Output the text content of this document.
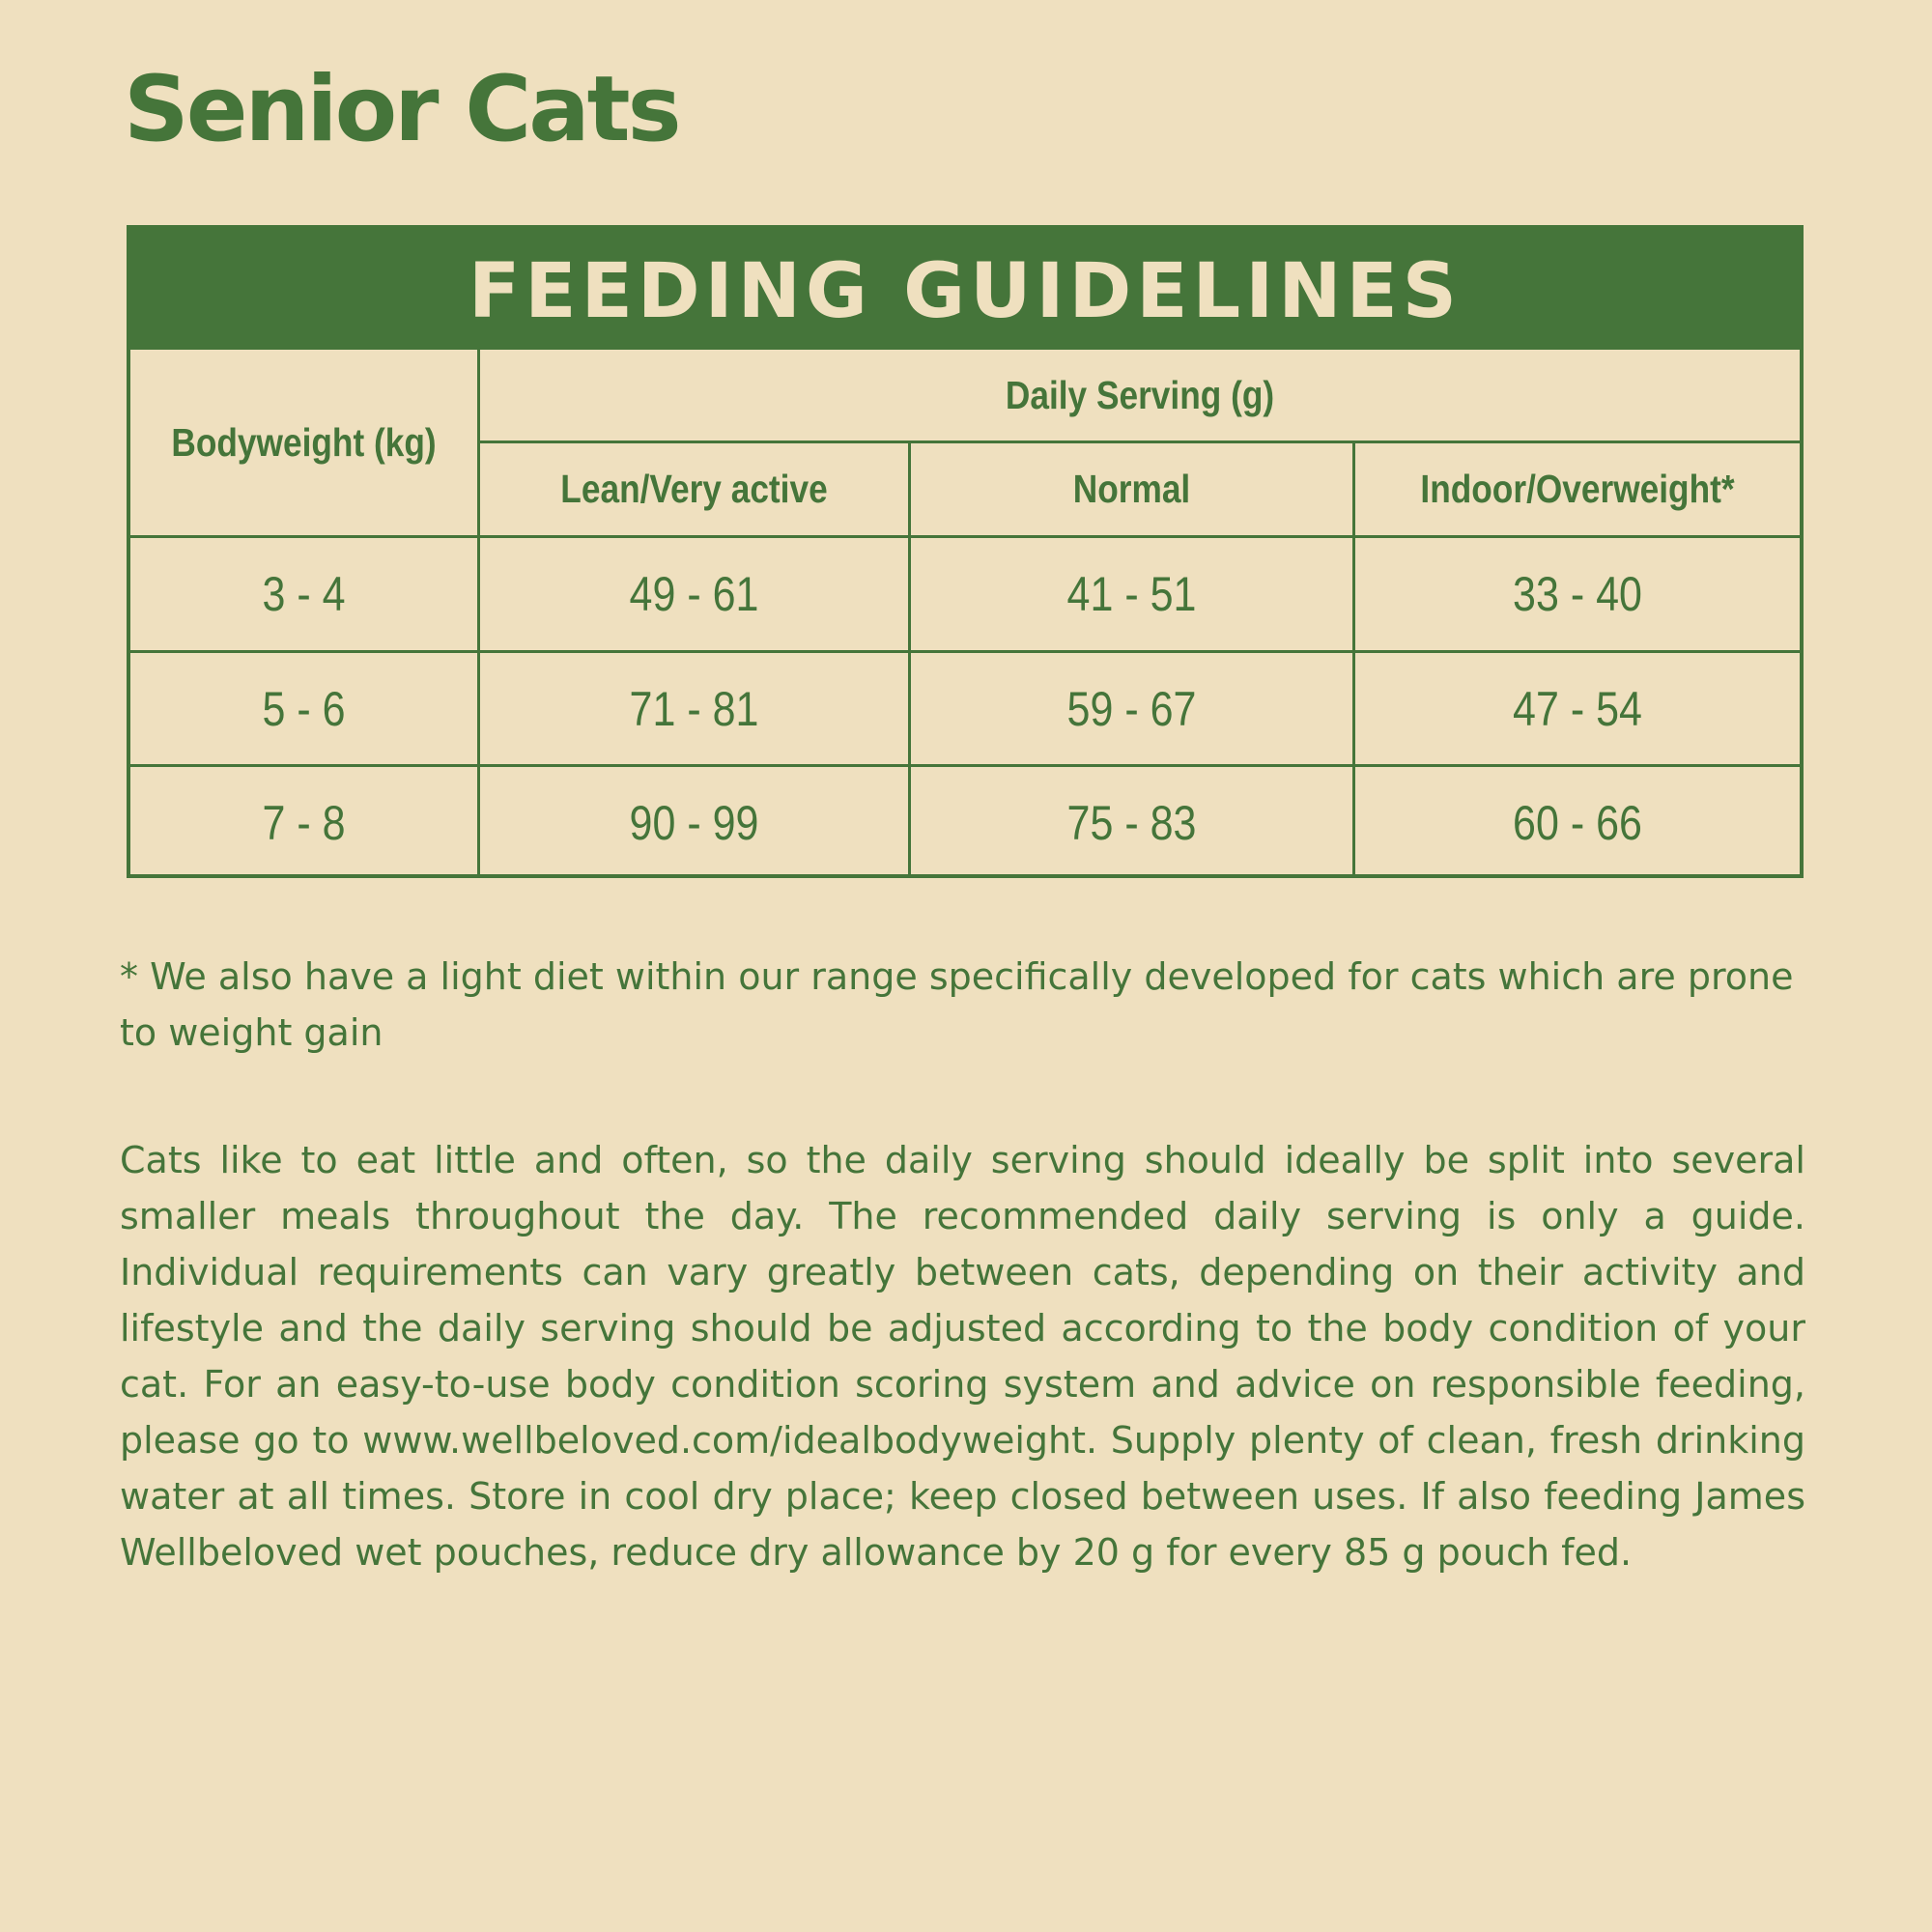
Senior Cats
FEEDING GUIDELINES
Bodyweight (kg)
Daily Serving (g)
Lean/Very active	Normal	Indoor/Overweight*
3 - 4	49 - 61	41 - 51	33 - 40
5 - 6	71 - 81	59 - 67	47 - 54
7 - 8	90 - 99	75 - 83	60 - 66

* We also have a light diet within our range specifically developed for cats which are prone to weight gain

Cats like to eat little and often, so the daily serving should ideally be split into several smaller meals throughout the day. The recommended daily serving is only a guide. Individual requirements can vary greatly between cats, depending on their activity and lifestyle and the daily serving should be adjusted according to the body condition of your cat. For an easy-to-use body condition scoring system and advice on responsible feeding, please go to www.wellbeloved.com/idealbodyweight. Supply plenty of clean, fresh drinking water at all times. Store in cool dry place; keep closed between uses. If also feeding James Wellbeloved wet pouches, reduce dry allowance by 20 g for every 85 g pouch fed.
